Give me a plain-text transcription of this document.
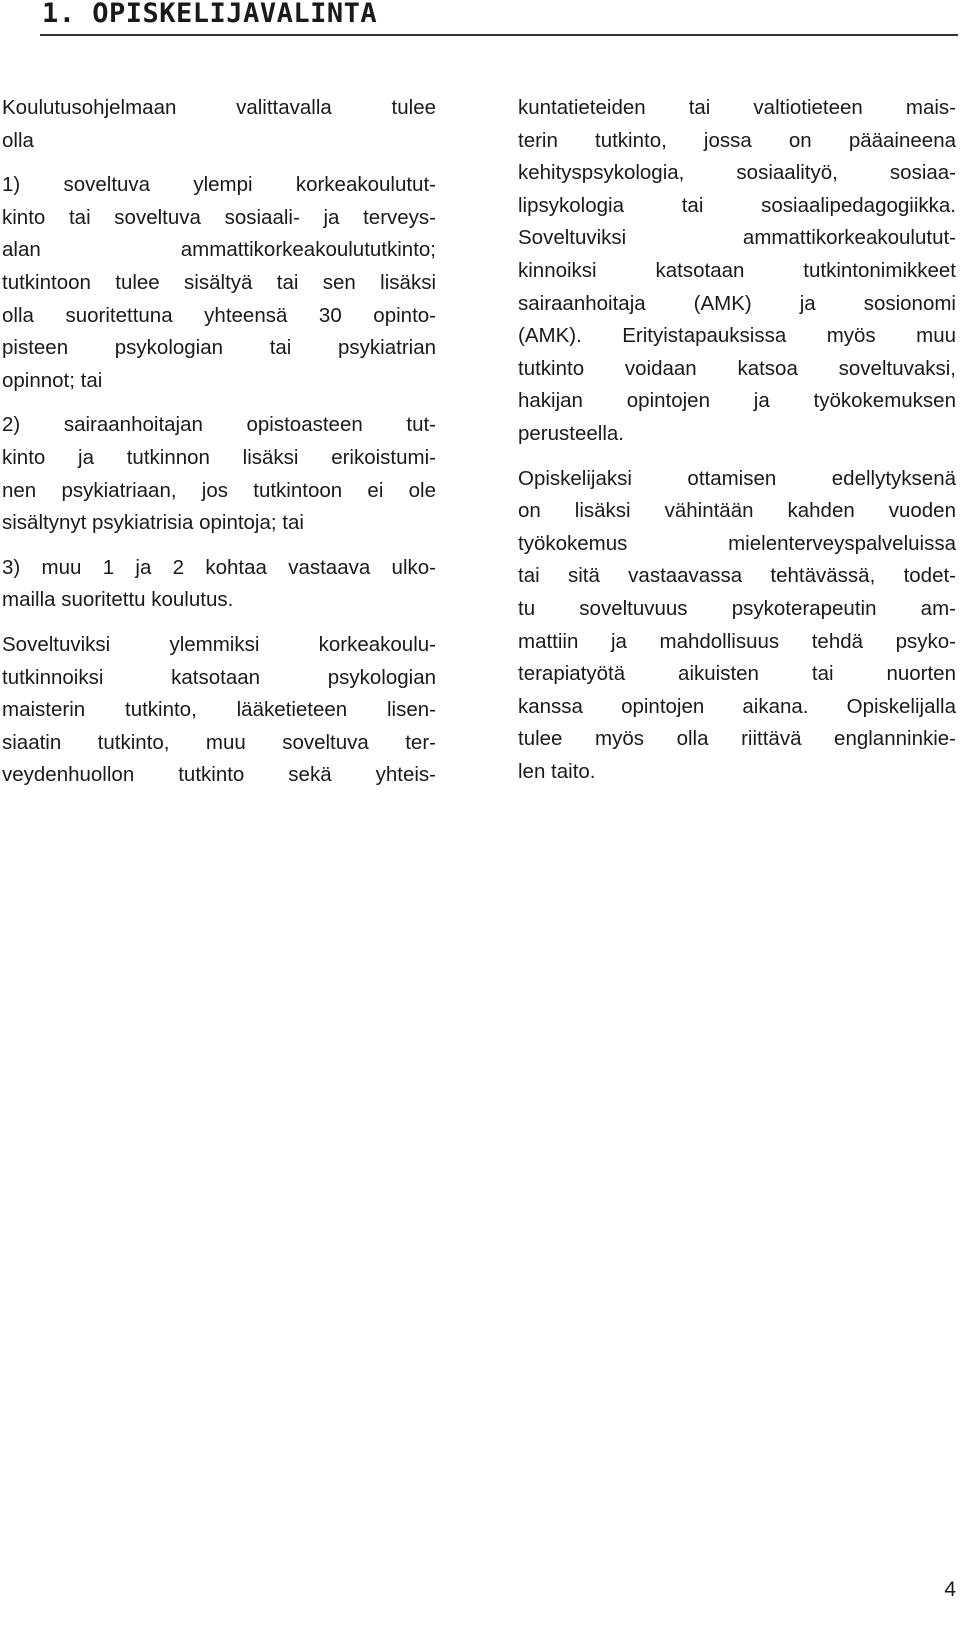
1. OPISKELIJAVALINTA
Koulutusohjelmaan valittavalla tulee
olla
1) soveltuva ylempi korkeakoulutut-
kinto tai soveltuva sosiaali- ja terveys-
alan ammattikorkeakoulututkinto;
tutkintoon tulee sisältyä tai sen lisäksi
olla suoritettuna yhteensä 30 opinto-
pisteen psykologian tai psykiatrian
opinnot; tai
2) sairaanhoitajan opistoasteen tut-
kinto ja tutkinnon lisäksi erikoistumi-
nen psykiatriaan, jos tutkintoon ei ole
sisältynyt psykiatrisia opintoja; tai
3) muu 1 ja 2 kohtaa vastaava ulko-
mailla suoritettu koulutus.
Soveltuviksi ylemmiksi korkeakoulu-
tutkinnoiksi katsotaan psykologian
maisterin tutkinto, lääketieteen lisen-
siaatin tutkinto, muu soveltuva ter-
veydenhuollon tutkinto sekä yhteis-
kuntatieteiden tai valtiotieteen mais-
terin tutkinto, jossa on pääaineena
kehityspsykologia, sosiaalityö, sosiaa-
lipsykologia tai sosiaalipedagogiikka.
Soveltuviksi ammattikorkeakoulutut-
kinnoiksi katsotaan tutkintonimikkeet
sairaanhoitaja (AMK) ja sosionomi
(AMK). Erityistapauksissa myös muu
tutkinto voidaan katsoa soveltuvaksi,
hakijan opintojen ja työkokemuksen
perusteella.
Opiskelijaksi ottamisen edellytyksenä
on lisäksi vähintään kahden vuoden
työkokemus mielenterveyspalveluissa
tai sitä vastaavassa tehtävässä, todet-
tu soveltuvuus psykoterapeutin am-
mattiin ja mahdollisuus tehdä psyko-
terapiatyötä aikuisten tai nuorten
kanssa opintojen aikana. Opiskelijalla
tulee myös olla riittävä englanninkie-
len taito.
4
